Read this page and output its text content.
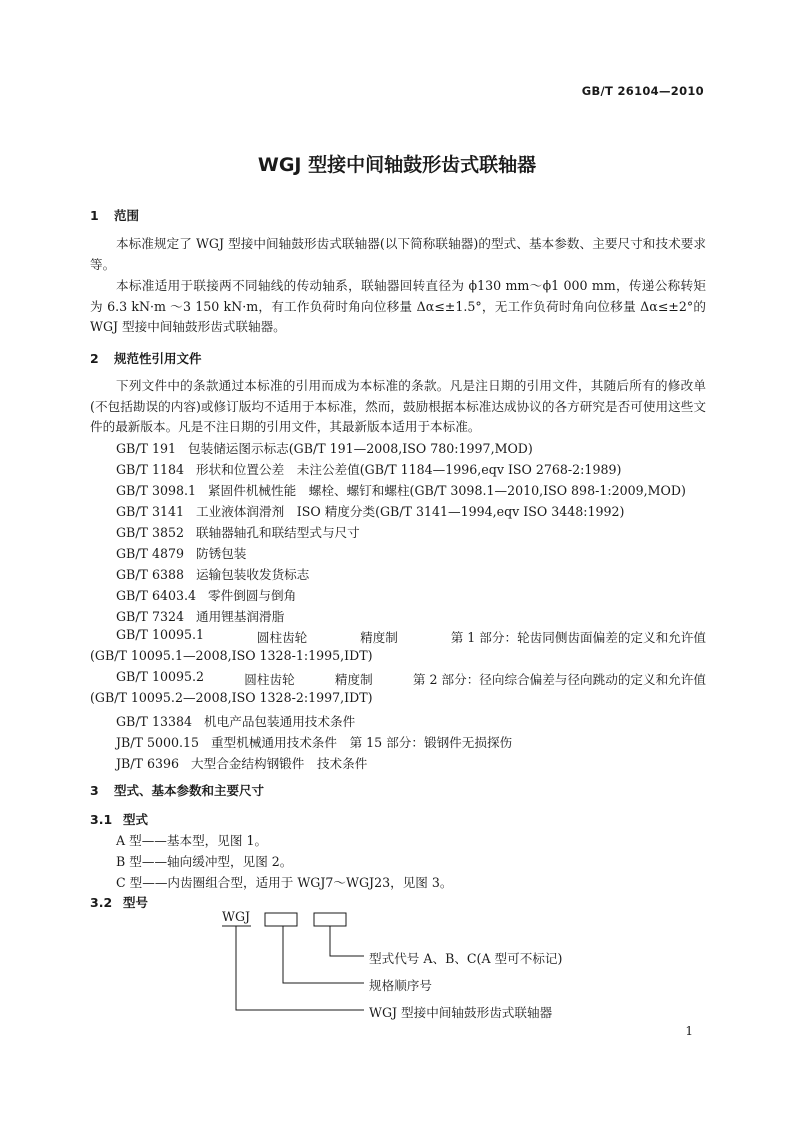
GB/T 26104—2010
WGJ 型接中间轴鼓形齿式联轴器
1 范围
本标准规定了 WGJ 型接中间轴鼓形齿式联轴器(以下简称联轴器)的型式、基本参数、主要尺寸和技术要求等。
本标准适用于联接两不同轴线的传动轴系，联轴器回转直径为 ϕ130 mm～ϕ1 000 mm，传递公称转矩为 6.3 kN·m ～3 150 kN·m，有工作负荷时角向位移量 Δα≤±1.5°，无工作负荷时角向位移量 Δα≤±2°的 WGJ 型接中间轴鼓形齿式联轴器。
2 规范性引用文件
下列文件中的条款通过本标准的引用而成为本标准的条款。凡是注日期的引用文件，其随后所有的修改单(不包括勘误的内容)或修订版均不适用于本标准，然而，鼓励根据本标准达成协议的各方研究是否可使用这些文件的最新版本。凡是不注日期的引用文件，其最新版本适用于本标准。
GB/T 191 包装储运图示标志(GB/T 191—2008,ISO 780:1997,MOD)
GB/T 1184 形状和位置公差　未注公差值(GB/T 1184—1996,eqv ISO 2768-2:1989)
GB/T 3098.1 紧固件机械性能　螺栓、螺钉和螺柱(GB/T 3098.1—2010,ISO 898-1:2009,MOD)
GB/T 3141 工业液体润滑剂　ISO 精度分类(GB/T 3141—1994,eqv ISO 3448:1992)
GB/T 3852 联轴器轴孔和联结型式与尺寸
GB/T 4879 防锈包装
GB/T 6388 运输包装收发货标志
GB/T 6403.4 零件倒圆与倒角
GB/T 7324 通用锂基润滑脂
GB/T 10095.1	圆柱齿轮	精度制	第 1 部分：轮齿同侧齿面偏差的定义和允许值
(GB/T 10095.1—2008,ISO 1328-1:1995,IDT)
GB/T 10095.2	圆柱齿轮	精度制	第 2 部分：径向综合偏差与径向跳动的定义和允许值
(GB/T 10095.2—2008,ISO 1328-2:1997,IDT)
GB/T 13384 机电产品包装通用技术条件
JB/T 5000.15 重型机械通用技术条件　第 15 部分：锻钢件无损探伤
JB/T 6396 大型合金结构钢锻件　技术条件
3 型式、基本参数和主要尺寸
3.1 型式
A 型——基本型，见图 1。
B 型——轴向缓冲型，见图 2。
C 型——内齿圈组合型，适用于 WGJ7～WGJ23，见图 3。
3.2 型号
WGJ
型式代号 A、B、C(A 型可不标记)
规格顺序号
WGJ 型接中间轴鼓形齿式联轴器
1
